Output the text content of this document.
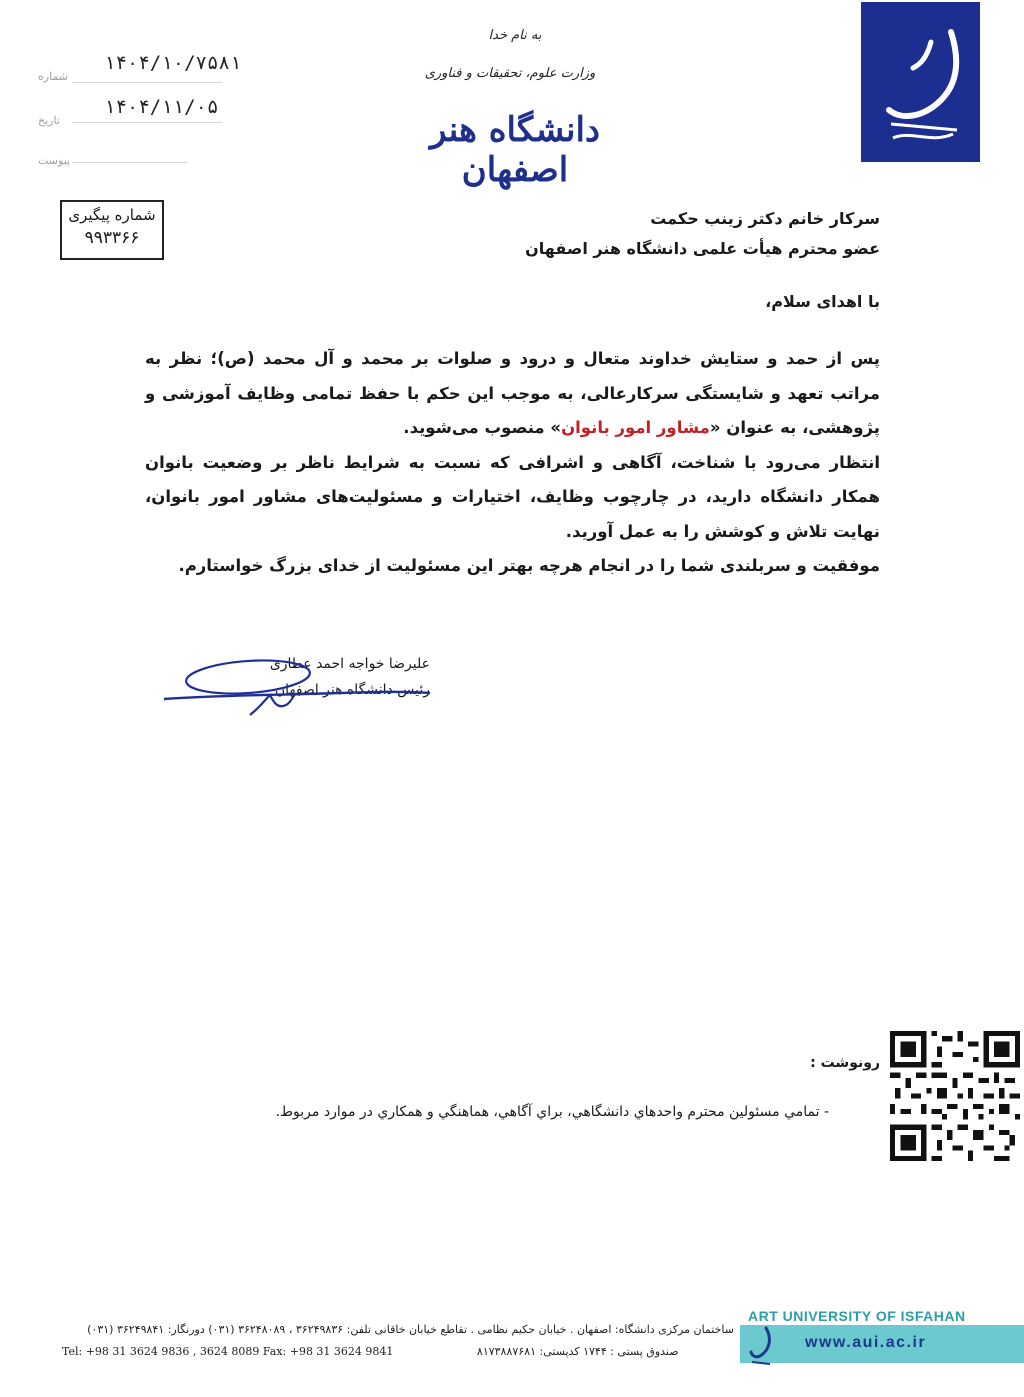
به نام خدا
وزارت علوم، تحقیقات و فناوری
دانشگاه هنر اصفهان
۱۴۰۴/۱۰/۷۵۸۱
شماره
۱۴۰۴/۱۱/۰۵
تاریخ
پیوست
شماره پیگیری
۹۹۳۳۶۶
سرکار خانم دکتر زینب حکمت
عضو محترم هیأت علمی دانشگاه هنر اصفهان
با اهدای سلام،
پس از حمد و ستایش خداوند متعال و درود و صلوات بر محمد و آل محمد (ص)؛ نظر به مراتب تعهد و شایستگی سرکارعالی، به موجب این حکم با حفظ تمامی وظایف آموزشی و پژوهشی، به عنوان «مشاور امور بانوان» منصوب می‌شوید.
انتظار می‌رود با شناخت، آگاهی و اشرافی که نسبت به شرایط ناظر بر وضعیت بانوان همکار دانشگاه دارید، در چارچوب وظایف، اختیارات و مسئولیت‌های مشاور امور بانوان، نهایت تلاش و کوشش را به عمل آورید.
موفقیت و سربلندی شما را در انجام هرچه بهتر این مسئولیت از خدای بزرگ خواستارم.
علیرضا خواجه احمد عطاری
رئیس دانشگاه هنر اصفهان
رونوشت :
- تمامي مسئولين محترم واحدهاي دانشگاهي، براي آگاهي، هماهنگي و همكاري در موارد مربوط.
ART UNIVERSITY OF ISFAHAN
www.aui.ac.ir
ساختمان مرکزی دانشگاه: اصفهان . خیابان حکیم نظامی . تقاطع خیابان خاقانی تلفن: ۳۶۲۴۹۸۳۶ ، ۳۶۲۴۸۰۸۹ (۰۳۱) دورنگار: ۳۶۲۴۹۸۴۱ (۰۳۱)
Tel: +98 31 3624 9836 , 3624 8089 Fax: +98 31 3624 9841	صندوق پستی : ۱۷۴۴ کدپستی: ۸۱۷۳۸۸۷۶۸۱
